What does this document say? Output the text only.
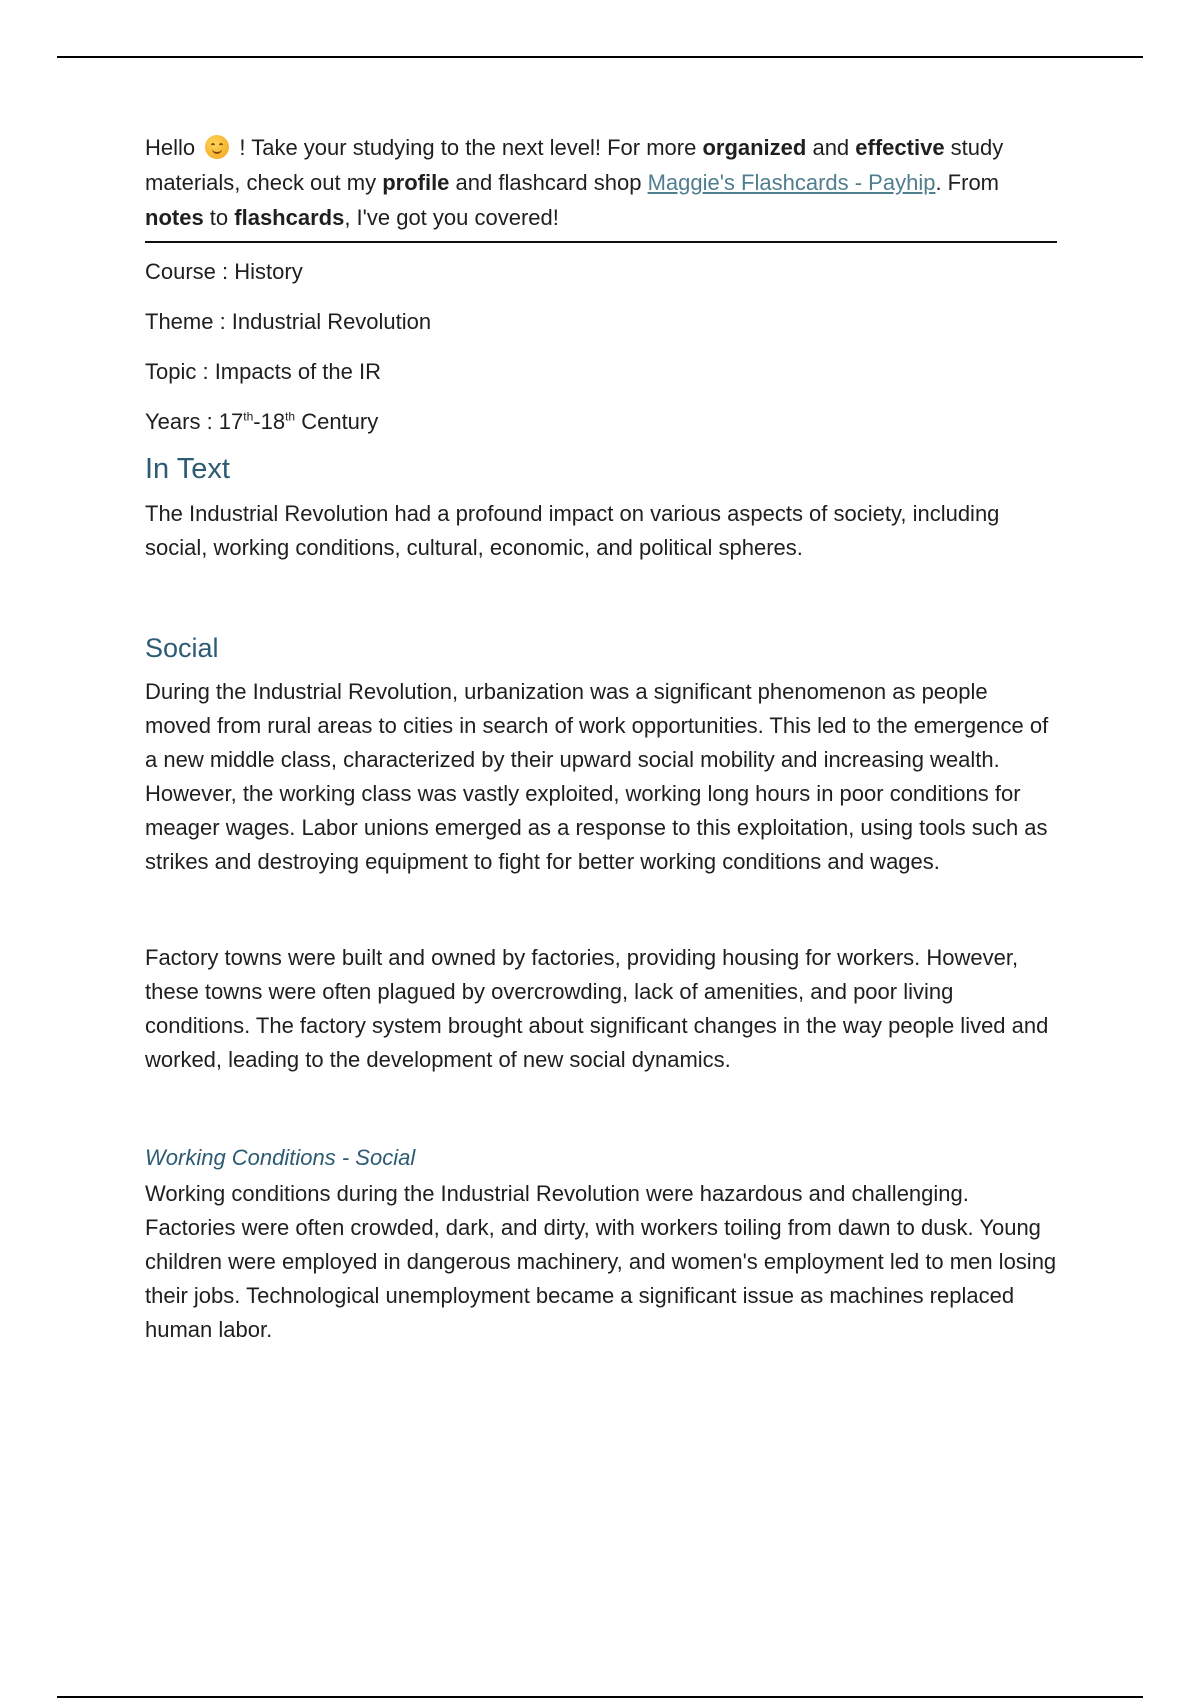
Hello ! Take your studying to the next level! For more organized and effective study materials, check out my profile and flashcard shop Maggie's Flashcards - Payhip. From notes to flashcards, I've got you covered!

Course : History

Theme : Industrial Revolution

Topic : Impacts of the IR

Years : 17th-18th Century

In Text

The Industrial Revolution had a profound impact on various aspects of society, including social, working conditions, cultural, economic, and political spheres.

Social

During the Industrial Revolution, urbanization was a significant phenomenon as people moved from rural areas to cities in search of work opportunities. This led to the emergence of a new middle class, characterized by their upward social mobility and increasing wealth. However, the working class was vastly exploited, working long hours in poor conditions for meager wages. Labor unions emerged as a response to this exploitation, using tools such as strikes and destroying equipment to fight for better working conditions and wages.

Factory towns were built and owned by factories, providing housing for workers. However, these towns were often plagued by overcrowding, lack of amenities, and poor living conditions. The factory system brought about significant changes in the way people lived and worked, leading to the development of new social dynamics.

Working Conditions - Social

Working conditions during the Industrial Revolution were hazardous and challenging. Factories were often crowded, dark, and dirty, with workers toiling from dawn to dusk. Young children were employed in dangerous machinery, and women's employment led to men losing their jobs. Technological unemployment became a significant issue as machines replaced human labor.
